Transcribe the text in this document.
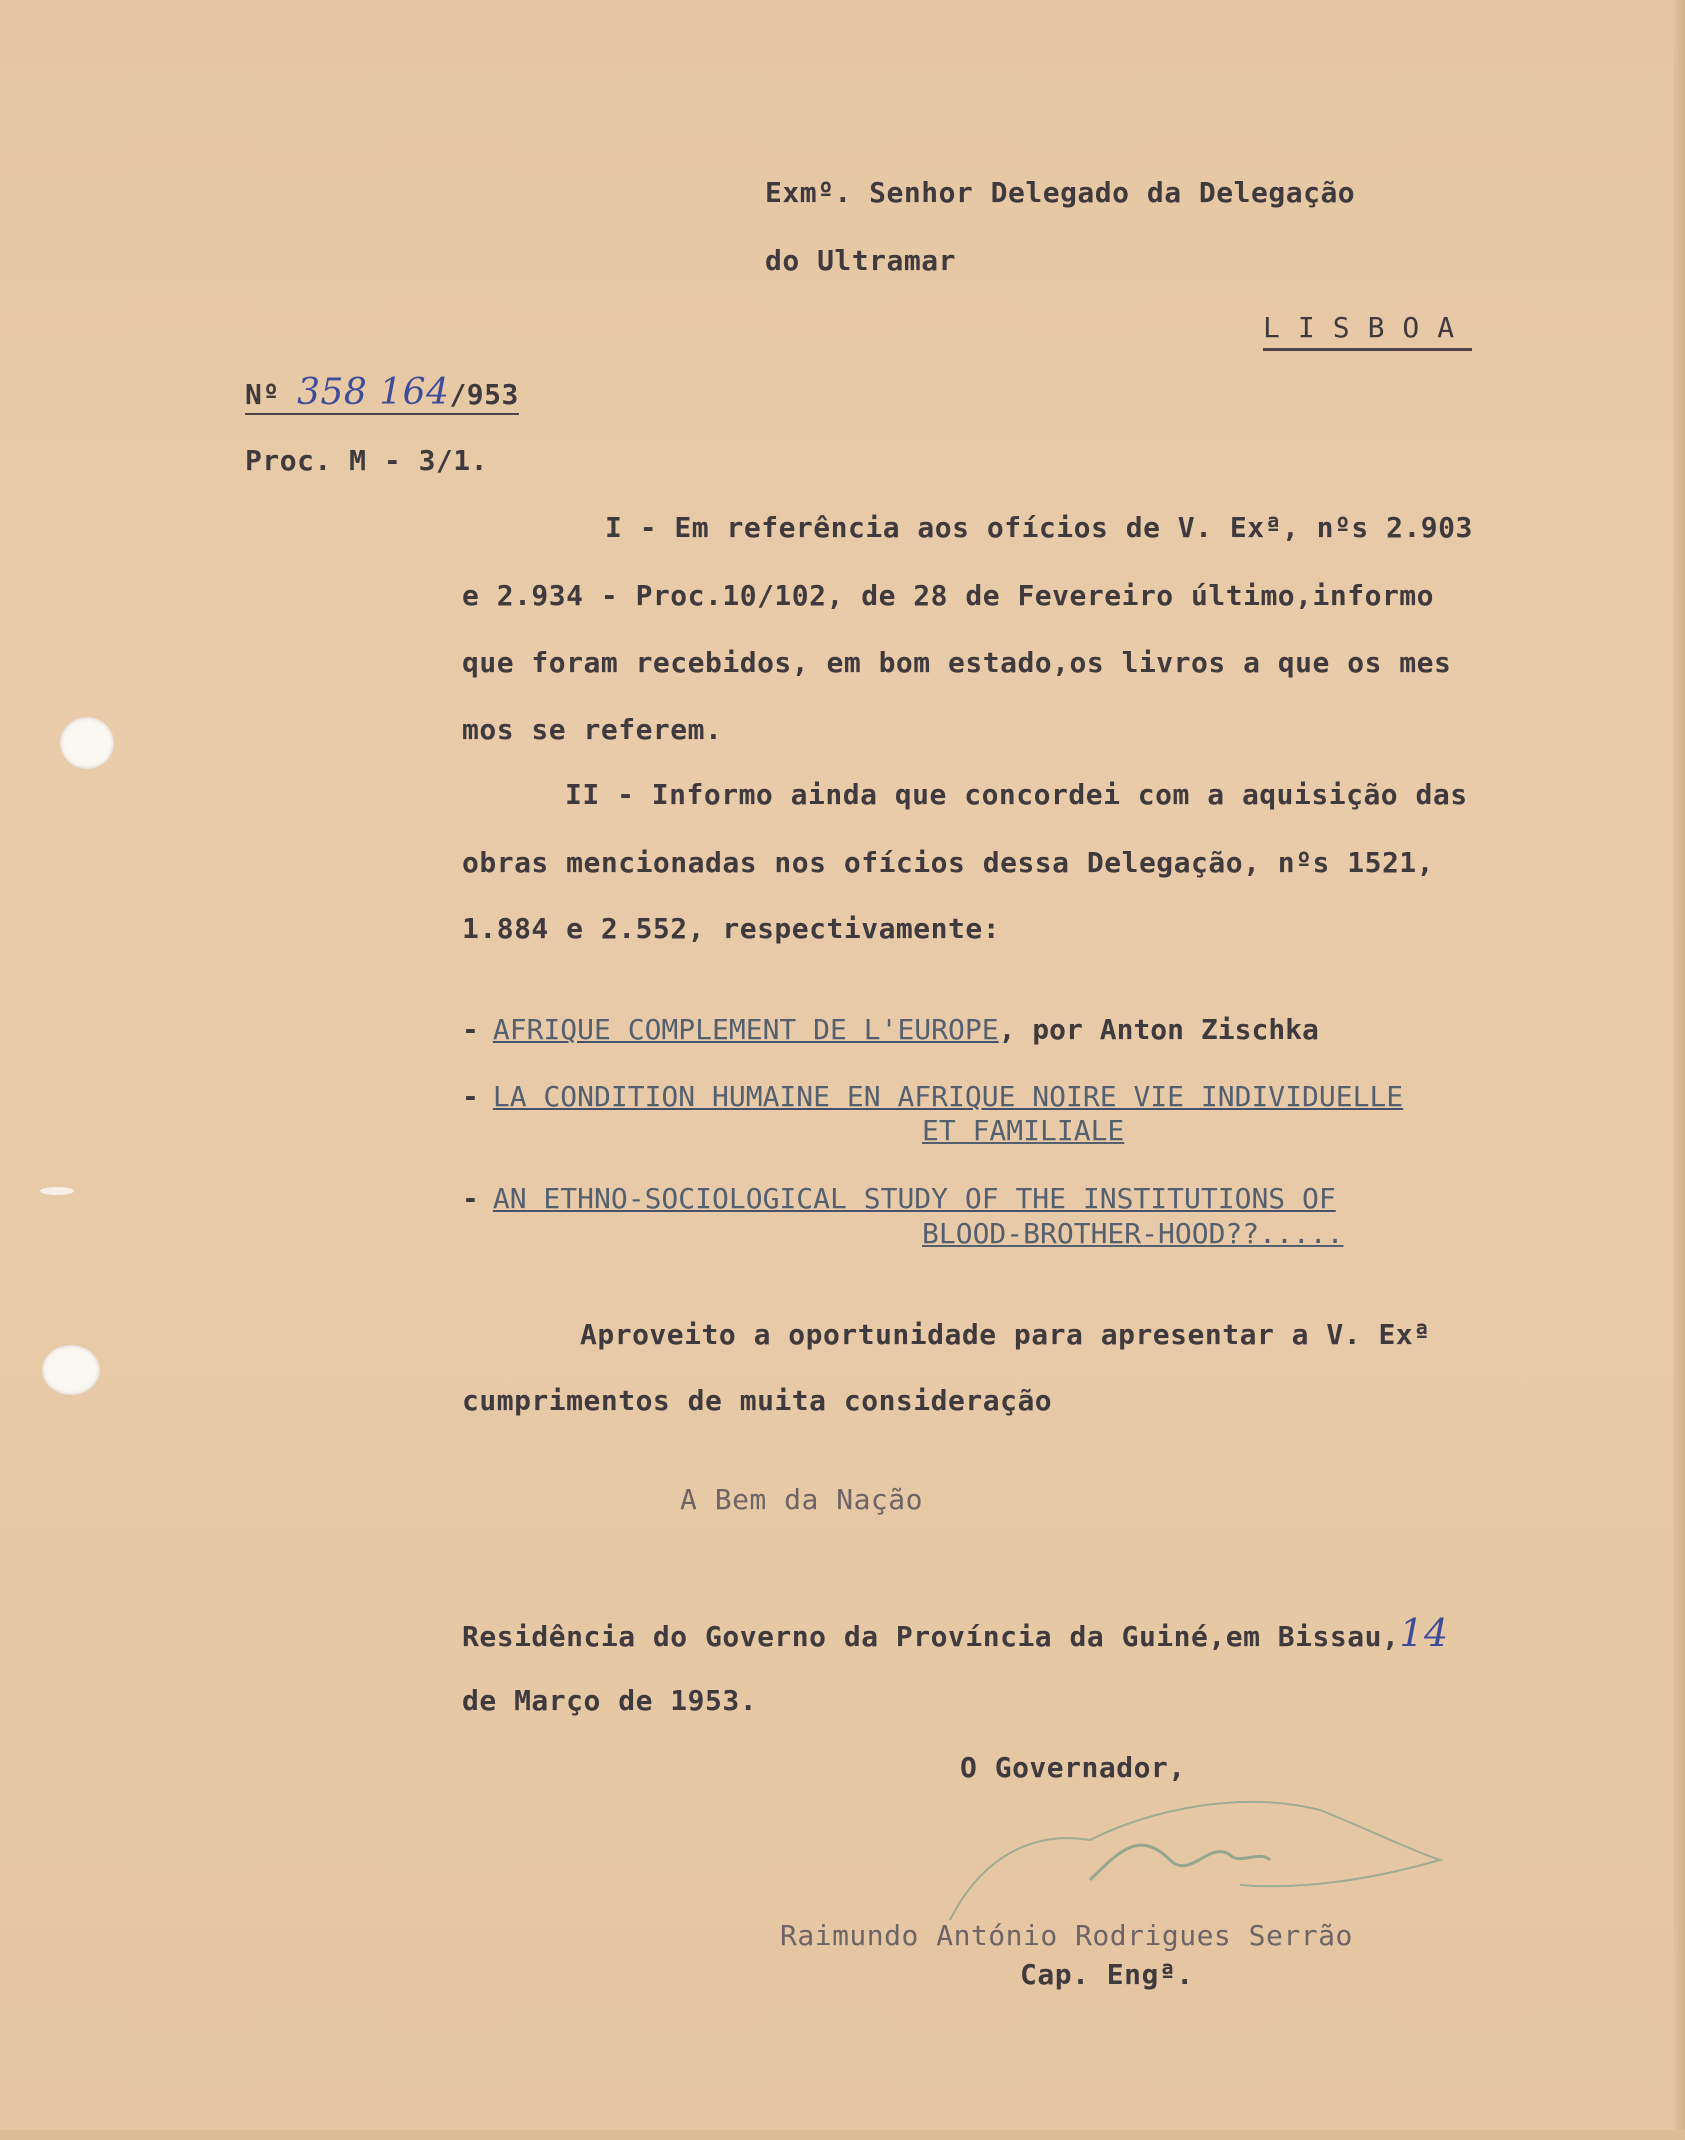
Exmº. Senhor Delegado da Delegação
do Ultramar
LISBOA
Nº 358 164/953
Proc. M - 3/1.
I - Em referência aos ofícios de V. Exª, nºs 2.903
e 2.934 - Proc.10/102, de 28 de Fevereiro último,informo
que foram recebidos, em bom estado,os livros a que os mes
mos se referem.
II - Informo ainda que concordei com a aquisição das
obras mencionadas nos ofícios dessa Delegação, nºs 1521,
1.884 e 2.552, respectivamente:
- AFRIQUE COMPLEMENT DE L'EUROPE, por Anton Zischka
- LA CONDITION HUMAINE EN AFRIQUE NOIRE VIE INDIVIDUELLE
ET FAMILIALE
- AN ETHNO-SOCIOLOGICAL STUDY OF THE INSTITUTIONS OF
BLOOD-BROTHER-HOOD??.....
Aproveito a oportunidade para apresentar a V. Exª
cumprimentos de muita consideração
A Bem da Nação
Residência do Governo da Província da Guiné,em Bissau,14
de Março de 1953.
O Governador,
Raimundo António Rodrigues Serrão
Cap. Engª.
